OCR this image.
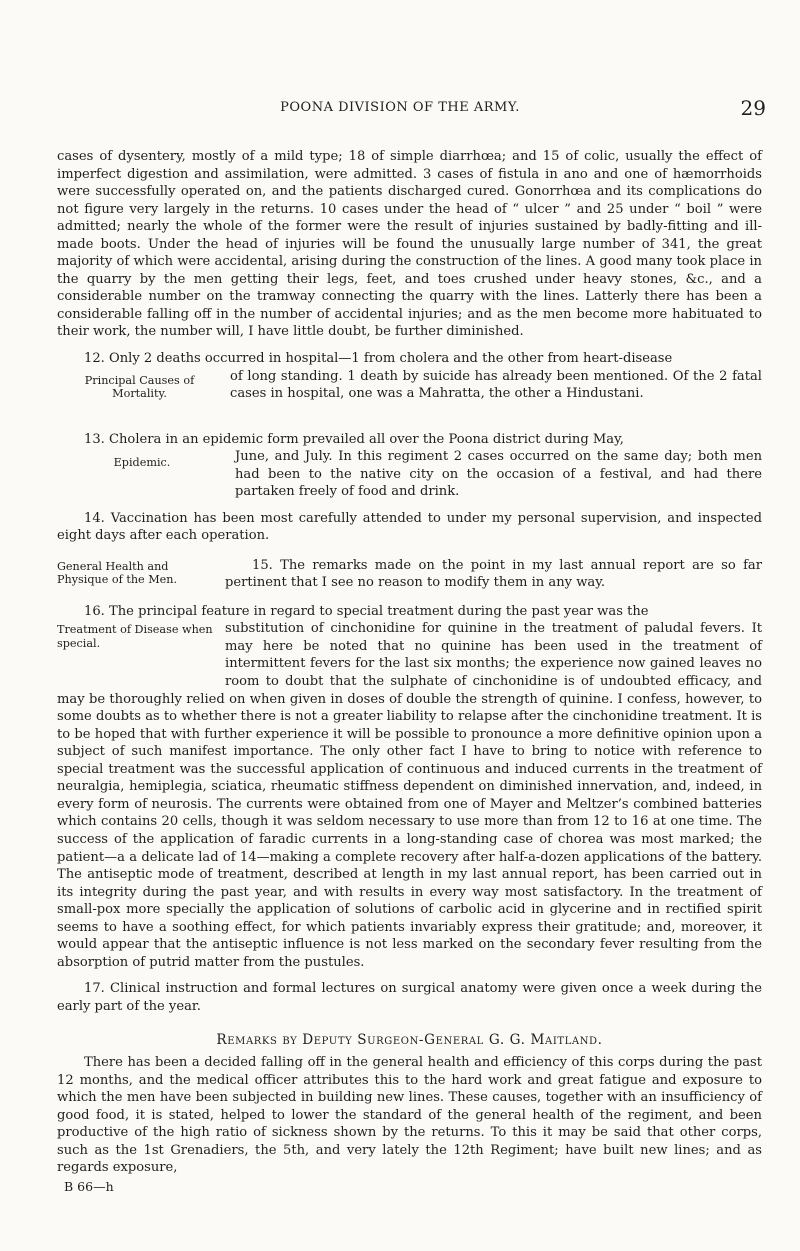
POONA DIVISION OF THE ARMY.	29

cases of dysentery, mostly of a mild type; 18 of simple diarrhœa; and 15 of colic, usually the effect of imperfect digestion and assimilation, were admitted. 3 cases of fistula in ano and one of hæmorrhoids were successfully operated on, and the patients discharged cured. Gonorrhœa and its complications do not figure very largely in the returns. 10 cases under the head of “ ulcer ” and 25 under “ boil ” were admitted; nearly the whole of the former were the result of injuries sustained by badly-fitting and ill-made boots. Under the head of injuries will be found the unusually large number of 341, the great majority of which were accidental, arising during the construction of the lines. A good many took place in the quarry by the men getting their legs, feet, and toes crushed under heavy stones, &c., and a considerable number on the tramway connecting the quarry with the lines. Latterly there has been a considerable falling off in the number of accidental injuries; and as the men become more habituated to their work, the number will, I have little doubt, be further diminished.

12. Only 2 deaths occurred in hospital—1 from cholera and the other from heart-disease

Principal Causes of Mortality.

of long standing. 1 death by suicide has already been mentioned. Of the 2 fatal cases in hospital, one was a Mahratta, the other a Hindustani.

13. Cholera in an epidemic form prevailed all over the Poona district during May,

Epidemic.	June, and July. In this regiment 2 cases occurred on the same day; both men had been to the native city on the occasion of a festival, and had there partaken freely of food and drink.

14. Vaccination has been most carefully attended to under my personal supervision, and inspected eight days after each operation.

General Health and Physique of the Men.

15. The remarks made on the point in my last annual report are so far pertinent that I see no reason to modify them in any way.

16. The principal feature in regard to special treatment during the past year was the

Treatment of Disease when special.

substitution of cinchonidine for quinine in the treatment of paludal fevers. It may here be noted that no quinine has been used in the treatment of intermittent fevers for the last six months; the experience now gained leaves no room to doubt that the sulphate of cinchonidine is of undoubted efficacy, and may be thoroughly relied on when given in doses of double the strength of quinine. I confess, however, to some doubts as to whether there is not a greater liability to relapse after the cinchonidine treatment. It is to be hoped that with further experience it will be possible to pronounce a more definitive opinion upon a subject of such manifest importance. The only other fact I have to bring to notice with reference to special treatment was the successful application of continuous and induced currents in the treatment of neuralgia, hemiplegia, sciatica, rheumatic stiffness dependent on diminished innervation, and, indeed, in every form of neurosis. The currents were obtained from one of Mayer and Meltzer’s combined batteries which contains 20 cells, though it was seldom necessary to use more than from 12 to 16 at one time. The success of the application of faradic currents in a long-standing case of chorea was most marked; the patient—a a delicate lad of 14—making a complete recovery after half-a-dozen applications of the battery. The antiseptic mode of treatment, described at length in my last annual report, has been carried out in its integrity during the past year, and with results in every way most satisfactory. In the treatment of small-pox more specially the application of solutions of carbolic acid in glycerine and in rectified spirit seems to have a soothing effect, for which patients invariably express their gratitude; and, moreover, it would appear that the antiseptic influence is not less marked on the secondary fever resulting from the absorption of putrid matter from the pustules.

17. Clinical instruction and formal lectures on surgical anatomy were given once a week during the early part of the year.

Remarks by Deputy Surgeon-General G. G. Maitland.

There has been a decided falling off in the general health and efficiency of this corps during the past 12 months, and the medical officer attributes this to the hard work and great fatigue and exposure to which the men have been subjected in building new lines. These causes, together with an insufficiency of good food, it is stated, helped to lower the standard of the general health of the regiment, and been productive of the high ratio of sickness shown by the returns. To this it may be said that other corps, such as the 1st Grenadiers, the 5th, and very lately the 12th Regiment; have built new lines; and as regards exposure,

B 66—h
